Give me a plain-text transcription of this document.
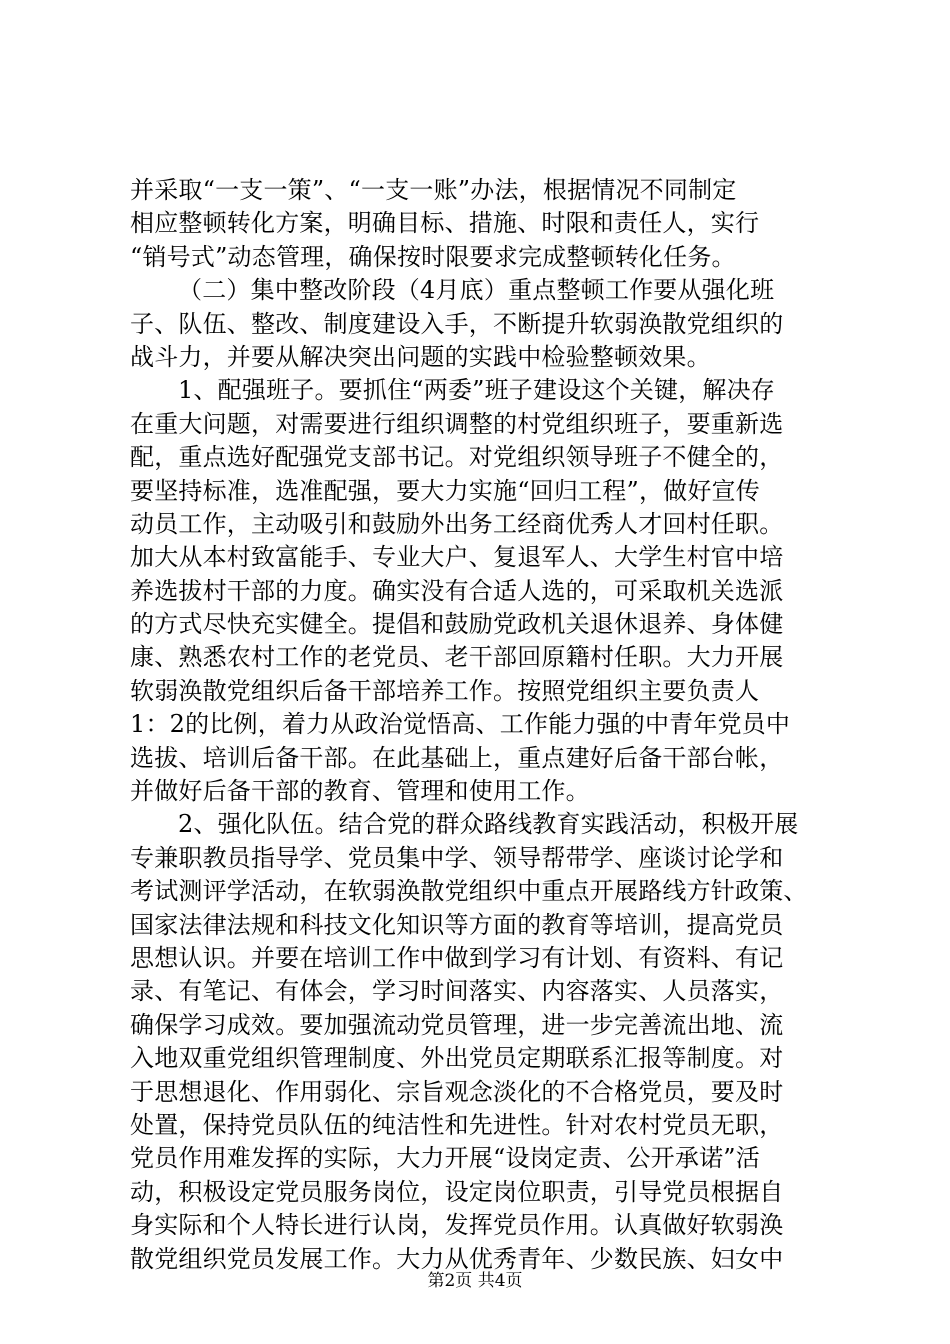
并采取“一支一策”、“一支一账”办法，根据情况不同制定
相应整顿转化方案，明确目标、措施、时限和责任人，实行
“销号式”动态管理，确保按时限要求完成整顿转化任务。
（二）集中整改阶段（4月底）重点整顿工作要从强化班
子、队伍、整改、制度建设入手，不断提升软弱涣散党组织的
战斗力，并要从解决突出问题的实践中检验整顿效果。
1、配强班子。要抓住“两委”班子建设这个关键，解决存
在重大问题，对需要进行组织调整的村党组织班子，要重新选
配，重点选好配强党支部书记。对党组织领导班子不健全的，
要坚持标准，选准配强，要大力实施“回归工程”，做好宣传
动员工作，主动吸引和鼓励外出务工经商优秀人才回村任职。
加大从本村致富能手、专业大户、复退军人、大学生村官中培
养选拔村干部的力度。确实没有合适人选的，可采取机关选派
的方式尽快充实健全。提倡和鼓励党政机关退休退养、身体健
康、熟悉农村工作的老党员、老干部回原籍村任职。大力开展
软弱涣散党组织后备干部培养工作。按照党组织主要负责人
1：2的比例，着力从政治觉悟高、工作能力强的中青年党员中
选拔、培训后备干部。在此基础上，重点建好后备干部台帐，
并做好后备干部的教育、管理和使用工作。
2、强化队伍。结合党的群众路线教育实践活动，积极开展
专兼职教员指导学、党员集中学、领导帮带学、座谈讨论学和
考试测评学活动，在软弱涣散党组织中重点开展路线方针政策、
国家法律法规和科技文化知识等方面的教育等培训，提高党员
思想认识。并要在培训工作中做到学习有计划、有资料、有记
录、有笔记、有体会，学习时间落实、内容落实、人员落实，
确保学习成效。要加强流动党员管理，进一步完善流出地、流
入地双重党组织管理制度、外出党员定期联系汇报等制度。对
于思想退化、作用弱化、宗旨观念淡化的不合格党员，要及时
处置，保持党员队伍的纯洁性和先进性。针对农村党员无职，
党员作用难发挥的实际，大力开展“设岗定责、公开承诺”活
动，积极设定党员服务岗位，设定岗位职责，引导党员根据自
身实际和个人特长进行认岗，发挥党员作用。认真做好软弱涣
散党组织党员发展工作。大力从优秀青年、少数民族、妇女中
第2页 共4页
